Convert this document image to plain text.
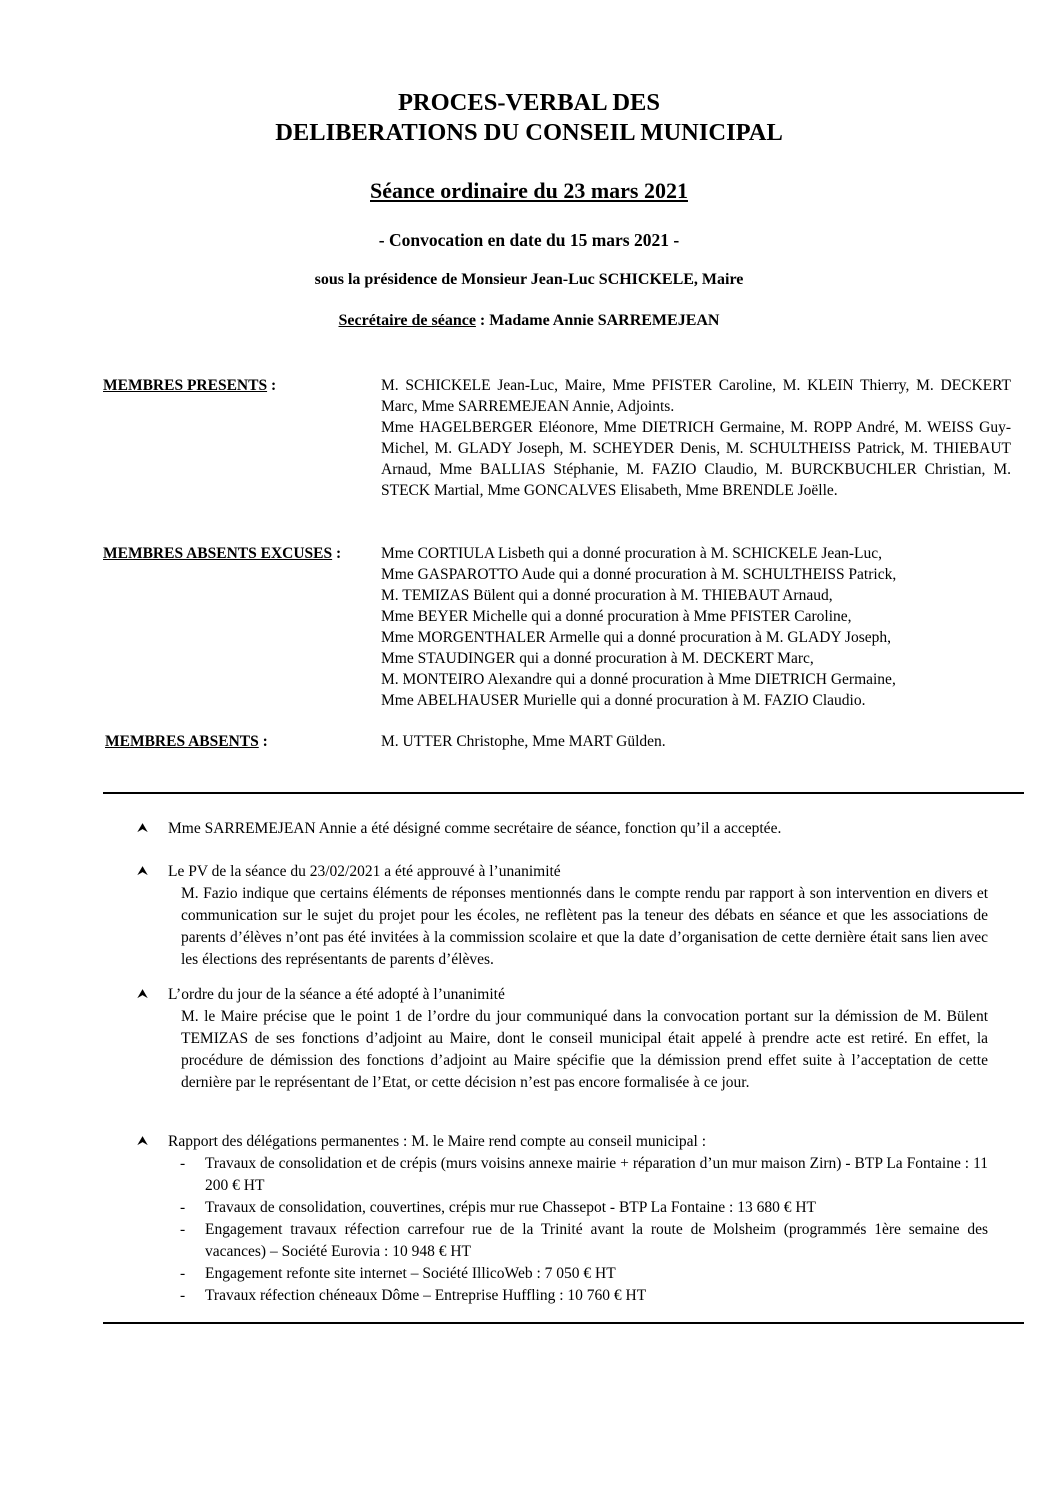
PROCES-VERBAL DES
DELIBERATIONS DU CONSEIL MUNICIPAL
Séance ordinaire du 23 mars 2021
- Convocation en date du 15 mars 2021 -
sous la présidence de Monsieur Jean-Luc SCHICKELE, Maire
Secrétaire de séance : Madame Annie SARREMEJEAN
MEMBRES PRESENTS :	M. SCHICKELE Jean-Luc, Maire, Mme PFISTER Caroline, M. KLEIN Thierry, M. DECKERT Marc, Mme SARREMEJEAN Annie, Adjoints.
Mme HAGELBERGER Eléonore, Mme DIETRICH Germaine, M. ROPP André, M. WEISS Guy-Michel, M. GLADY Joseph, M. SCHEYDER Denis, M. SCHULTHEISS Patrick, M. THIEBAUT Arnaud, Mme BALLIAS Stéphanie, M. FAZIO Claudio, M. BURCKBUCHLER Christian, M. STECK Martial, Mme GONCALVES Elisabeth, Mme BRENDLE Joëlle.
MEMBRES ABSENTS EXCUSES :	Mme CORTIULA Lisbeth qui a donné procuration à M. SCHICKELE Jean-Luc,
Mme GASPAROTTO Aude qui a donné procuration à M. SCHULTHEISS Patrick,
M. TEMIZAS Bülent qui a donné procuration à M. THIEBAUT Arnaud,
Mme BEYER Michelle qui a donné procuration à Mme PFISTER Caroline,
Mme MORGENTHALER Armelle qui a donné procuration à M. GLADY Joseph,
Mme STAUDINGER qui a donné procuration à M. DECKERT Marc,
M. MONTEIRO Alexandre qui a donné procuration à Mme DIETRICH Germaine,
Mme ABELHAUSER Murielle qui a donné procuration à M. FAZIO Claudio.
MEMBRES ABSENTS :	M. UTTER Christophe, Mme MART Gülden.
⮝ Mme SARREMEJEAN Annie a été désigné comme secrétaire de séance, fonction qu’il a acceptée.
⮝ Le PV de la séance du 23/02/2021 a été approuvé à l’unanimité
M. Fazio indique que certains éléments de réponses mentionnés dans le compte rendu par rapport à son intervention en divers et communication sur le sujet du projet pour les écoles, ne reflètent pas la teneur des débats en séance et que les associations de parents d’élèves n’ont pas été invitées à la commission scolaire et que la date d’organisation de cette dernière était sans lien avec les élections des représentants de parents d’élèves.
⮝ L’ordre du jour de la séance a été adopté à l’unanimité
M. le Maire précise que le point 1 de l’ordre du jour communiqué dans la convocation portant sur la démission de M. Bülent TEMIZAS de ses fonctions d’adjoint au Maire, dont le conseil municipal était appelé à prendre acte est retiré. En effet, la procédure de démission des fonctions d’adjoint au Maire spécifie que la démission prend effet suite à l’acceptation de cette dernière par le représentant de l’Etat, or cette décision n’est pas encore formalisée à ce jour.
⮝ Rapport des délégations permanentes : M. le Maire rend compte au conseil municipal :
- Travaux de consolidation et de crépis (murs voisins annexe mairie + réparation d’un mur maison Zirn) - BTP La Fontaine : 11 200 € HT
- Travaux de consolidation, couvertines, crépis mur rue Chassepot - BTP La Fontaine : 13 680 € HT
- Engagement travaux réfection carrefour rue de la Trinité avant la route de Molsheim (programmés 1ère semaine des vacances) – Société Eurovia : 10 948 € HT
- Engagement refonte site internet – Société IllicoWeb : 7 050 € HT
- Travaux réfection chéneaux Dôme – Entreprise Huffling : 10 760 € HT
